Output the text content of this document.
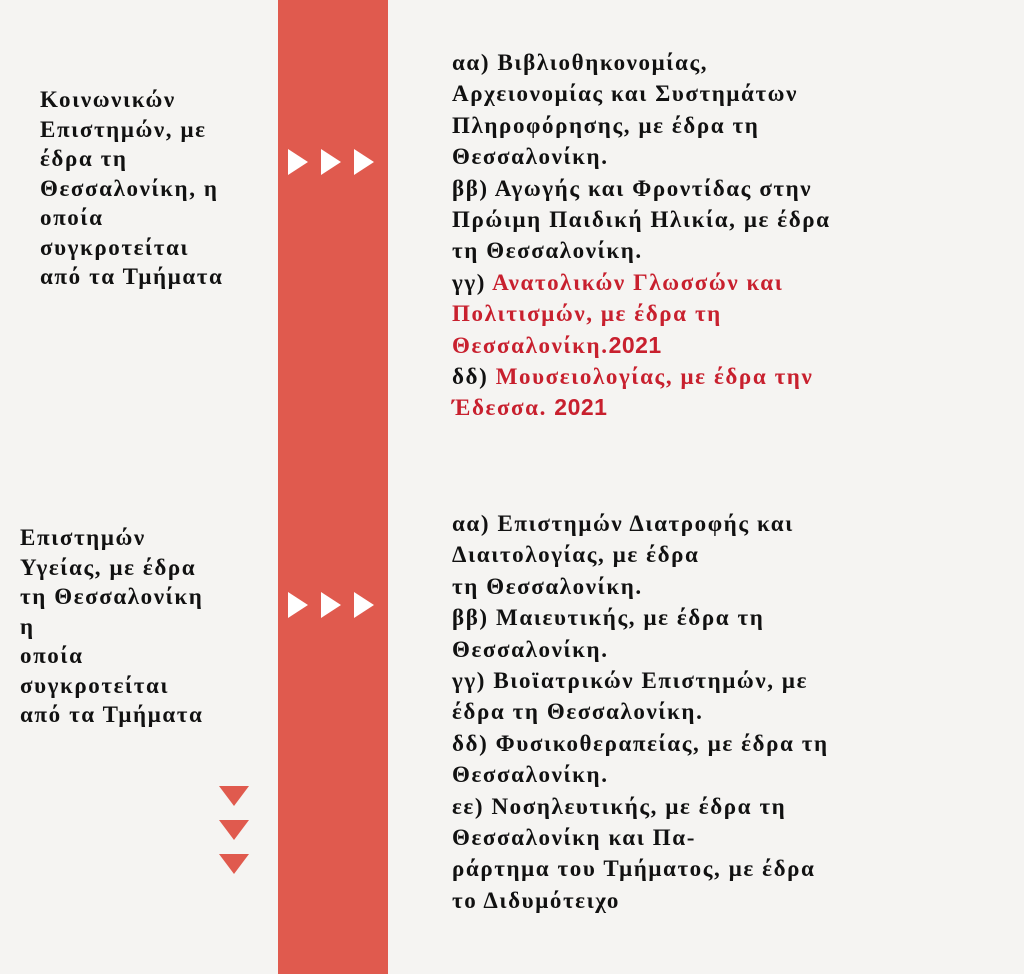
Κοινωνικών
Επιστημών, με
έδρα τη
Θεσσαλονίκη, η
οποία
συγκροτείται
από τα Τμήματα
Επιστημών
Υγείας, με έδρα
τη Θεσσαλονίκη
η
οποία
συγκροτείται
από τα Τμήματα
αα) Βιβλιοθηκονομίας,
Αρχειονομίας και Συστημάτων
Πληροφόρησης, με έδρα τη
Θεσσαλονίκη.
ββ) Αγωγής και Φροντίδας στην
Πρώιμη Παιδική Ηλικία, με έδρα
τη Θεσσαλονίκη.
γγ) Ανατολικών Γλωσσών και
Πολιτισμών, με έδρα τη
Θεσσαλονίκη.2021
δδ) Μουσειολογίας, με έδρα την
Έδεσσα. 2021
αα) Επιστημών Διατροφής και
Διαιτολογίας, με έδρα
τη Θεσσαλονίκη.
ββ) Μαιευτικής, με έδρα τη
Θεσσαλονίκη.
γγ) Βιοϊατρικών Επιστημών, με
έδρα τη Θεσσαλονίκη.
δδ) Φυσικοθεραπείας, με έδρα τη
Θεσσαλονίκη.
εε) Νοσηλευτικής, με έδρα τη
Θεσσαλονίκη και Πα-
ράρτημα του Τμήματος, με έδρα
το Διδυμότειχο
